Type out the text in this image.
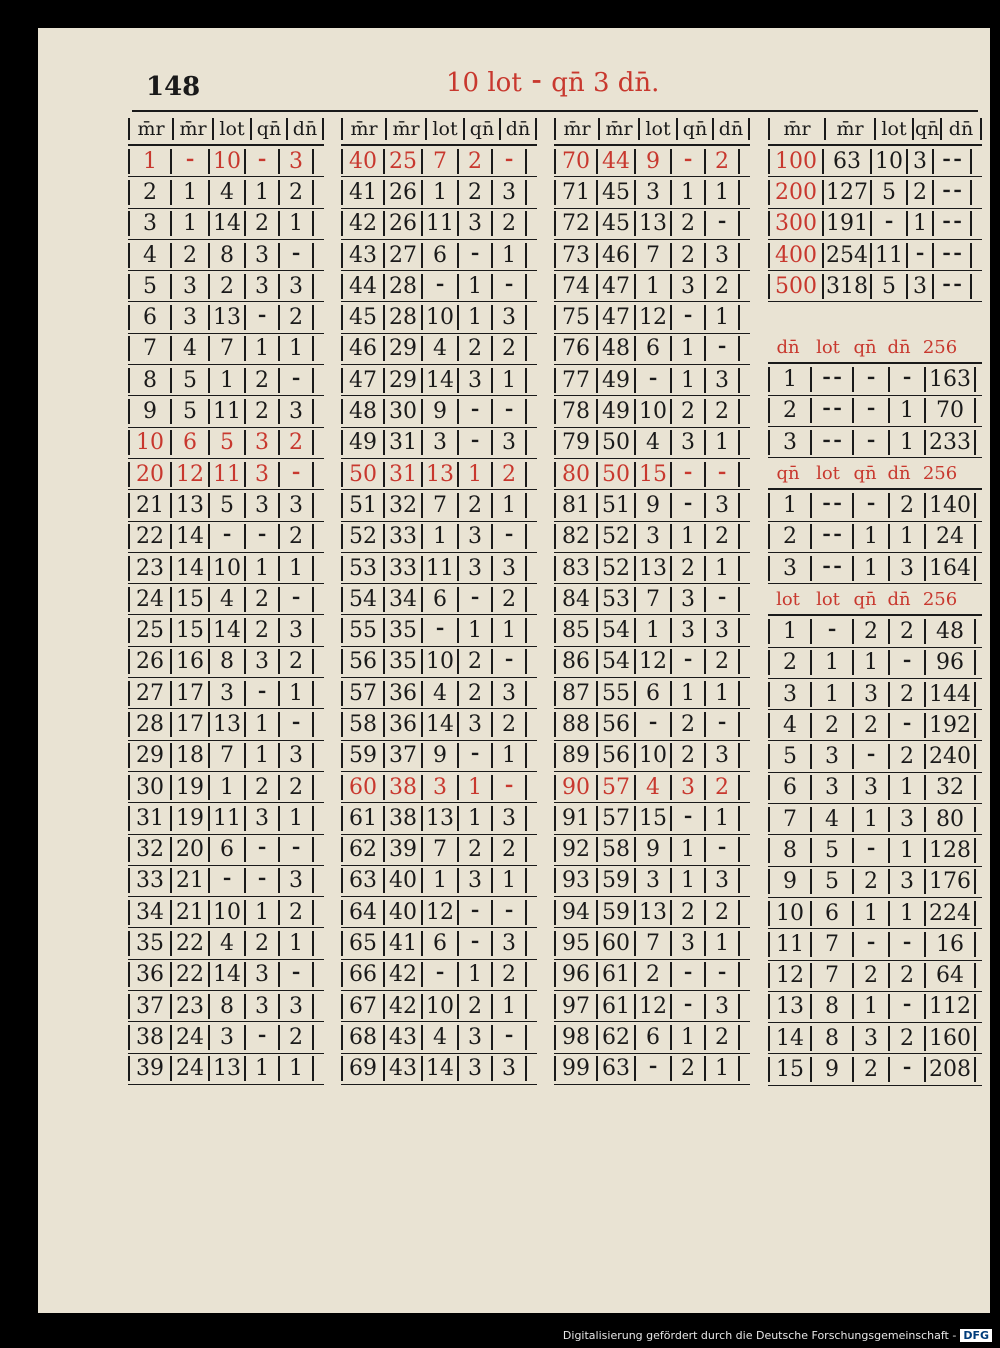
148	10 lot ⁃ qn̄ 3 dn̄.
m̄r m̄r lot qn̄ dn̄
1	⁃ 10 ⁃ 3
2	1	4 1 2
3	1 14 2 1
4	2	8 3 ⁃
5	3	2 3 3
6	3 13 ⁃ 2
7	4	7 1 1
8	5	1 2 ⁃
9	5 11 2 3
10 6	5 3 2
20 12 11 3 ⁃
21 13 5 3 3
22 14 ⁃	⁃ 2
23 14 10 1 1
24 15 4 2 ⁃
25 15 14 2 3
26 16 8 3 2
27 17 3	⁃ 1
28 17 13 1 ⁃
29 18 7 1 3
30 19 1 2 2
31 19 11 3 1
32 20 6	⁃	⁃
33 21 ⁃	⁃ 3
34 21 10 1 2
35 22 4 2 1
36 22 14 3 ⁃
37 23 8 3 3
38 24 3	⁃ 2
39 24 13 1 1
m̄r m̄r lot qn̄ dn̄
40 25 7 2 ⁃
41 26 1 2 3
42 26 11 3 2
43 27 6	⁃ 1
44 28 ⁃	1 ⁃
45 28 10 1 3
46 29 4 2 2
47 29 14 3 1
48 30 9	⁃	⁃
49 31 3	⁃ 3
50 31 13 1 2
51 32 7 2 1
52 33 1 3 ⁃
53 33 11 3 3
54 34 6	⁃ 2
55 35 ⁃	1 1
56 35 10 2 ⁃
57 36 4 2 3
58 36 14 3 2
59 37 9	⁃ 1
60 38 3 1 ⁃
61 38 13 1 3
62 39 7 2 2
63 40 1 3 1
64 40 12 ⁃	⁃
65 41 6	⁃ 3
66 42 ⁃	1 2
67 42 10 2 1
68 43 4 3 ⁃
69 43 14 3 3
m̄r m̄r lot qn̄ dn̄
70 44 9	⁃ 2
71 45 3 1 1
72 45 13 2 ⁃
73 46 7 2 3
74 47 1 3 2
75 47 12 ⁃ 1
76 48 6 1 ⁃
77 49 ⁃	1 3
78 49 10 2 2
79 50 4 3 1
80 50 15 ⁃	⁃
81 51 9	⁃ 3
82 52 3 1 2
83 52 13 2 1
84 53 7 3 ⁃
85 54 1 3 3
86 54 12 ⁃ 2
87 55 6 1 1
88 56 ⁃	2 ⁃
89 56 10 2 3
90 57 4 3 2
91 57 15 ⁃ 1
92 58 9 1 ⁃
93 59 3 1 3
94 59 13 2 2
95 60 7 3 1
96 61 2	⁃	⁃
97 61 12 ⁃ 3
98 62 6 1 2
99 63 ⁃	2 1
m̄r	m̄r lot qn̄ dn̄
100 63 10 3 ⁃⁃
200 127 5 2 ⁃⁃
300 191 ⁃ 1 ⁃⁃
400 254 11 ⁃ ⁃⁃
500 318 5 3 ⁃⁃
dn̄ lot qn̄ dn̄ 256
1	⁃⁃	⁃	⁃ 163
2	⁃⁃	⁃	1	70
3	⁃⁃	⁃	1 233
qn̄ lot qn̄ dn̄ 256
1	⁃⁃	⁃	2 140
2	⁃⁃ 1	1	24
3	⁃⁃ 1	3 164
lot lot qn̄ dn̄ 256
1	⁃	2	2	48
2	1	1	⁃	96
3	1	3	2 144
4	2	2	⁃ 192
5	3	⁃	2 240
6	3	3	1	32
7	4	1	3	80
8	5	⁃	1 128
9	5	2	3 176
10 6	1	1 224
11 7	⁃	⁃	16
12 7	2	2	64
13 8	1	⁃ 112
14 8	3	2 160
15 9	2	⁃ 208
Digitalisierung gefördert durch die Deutsche Forschungsgemeinschaft - DFG
